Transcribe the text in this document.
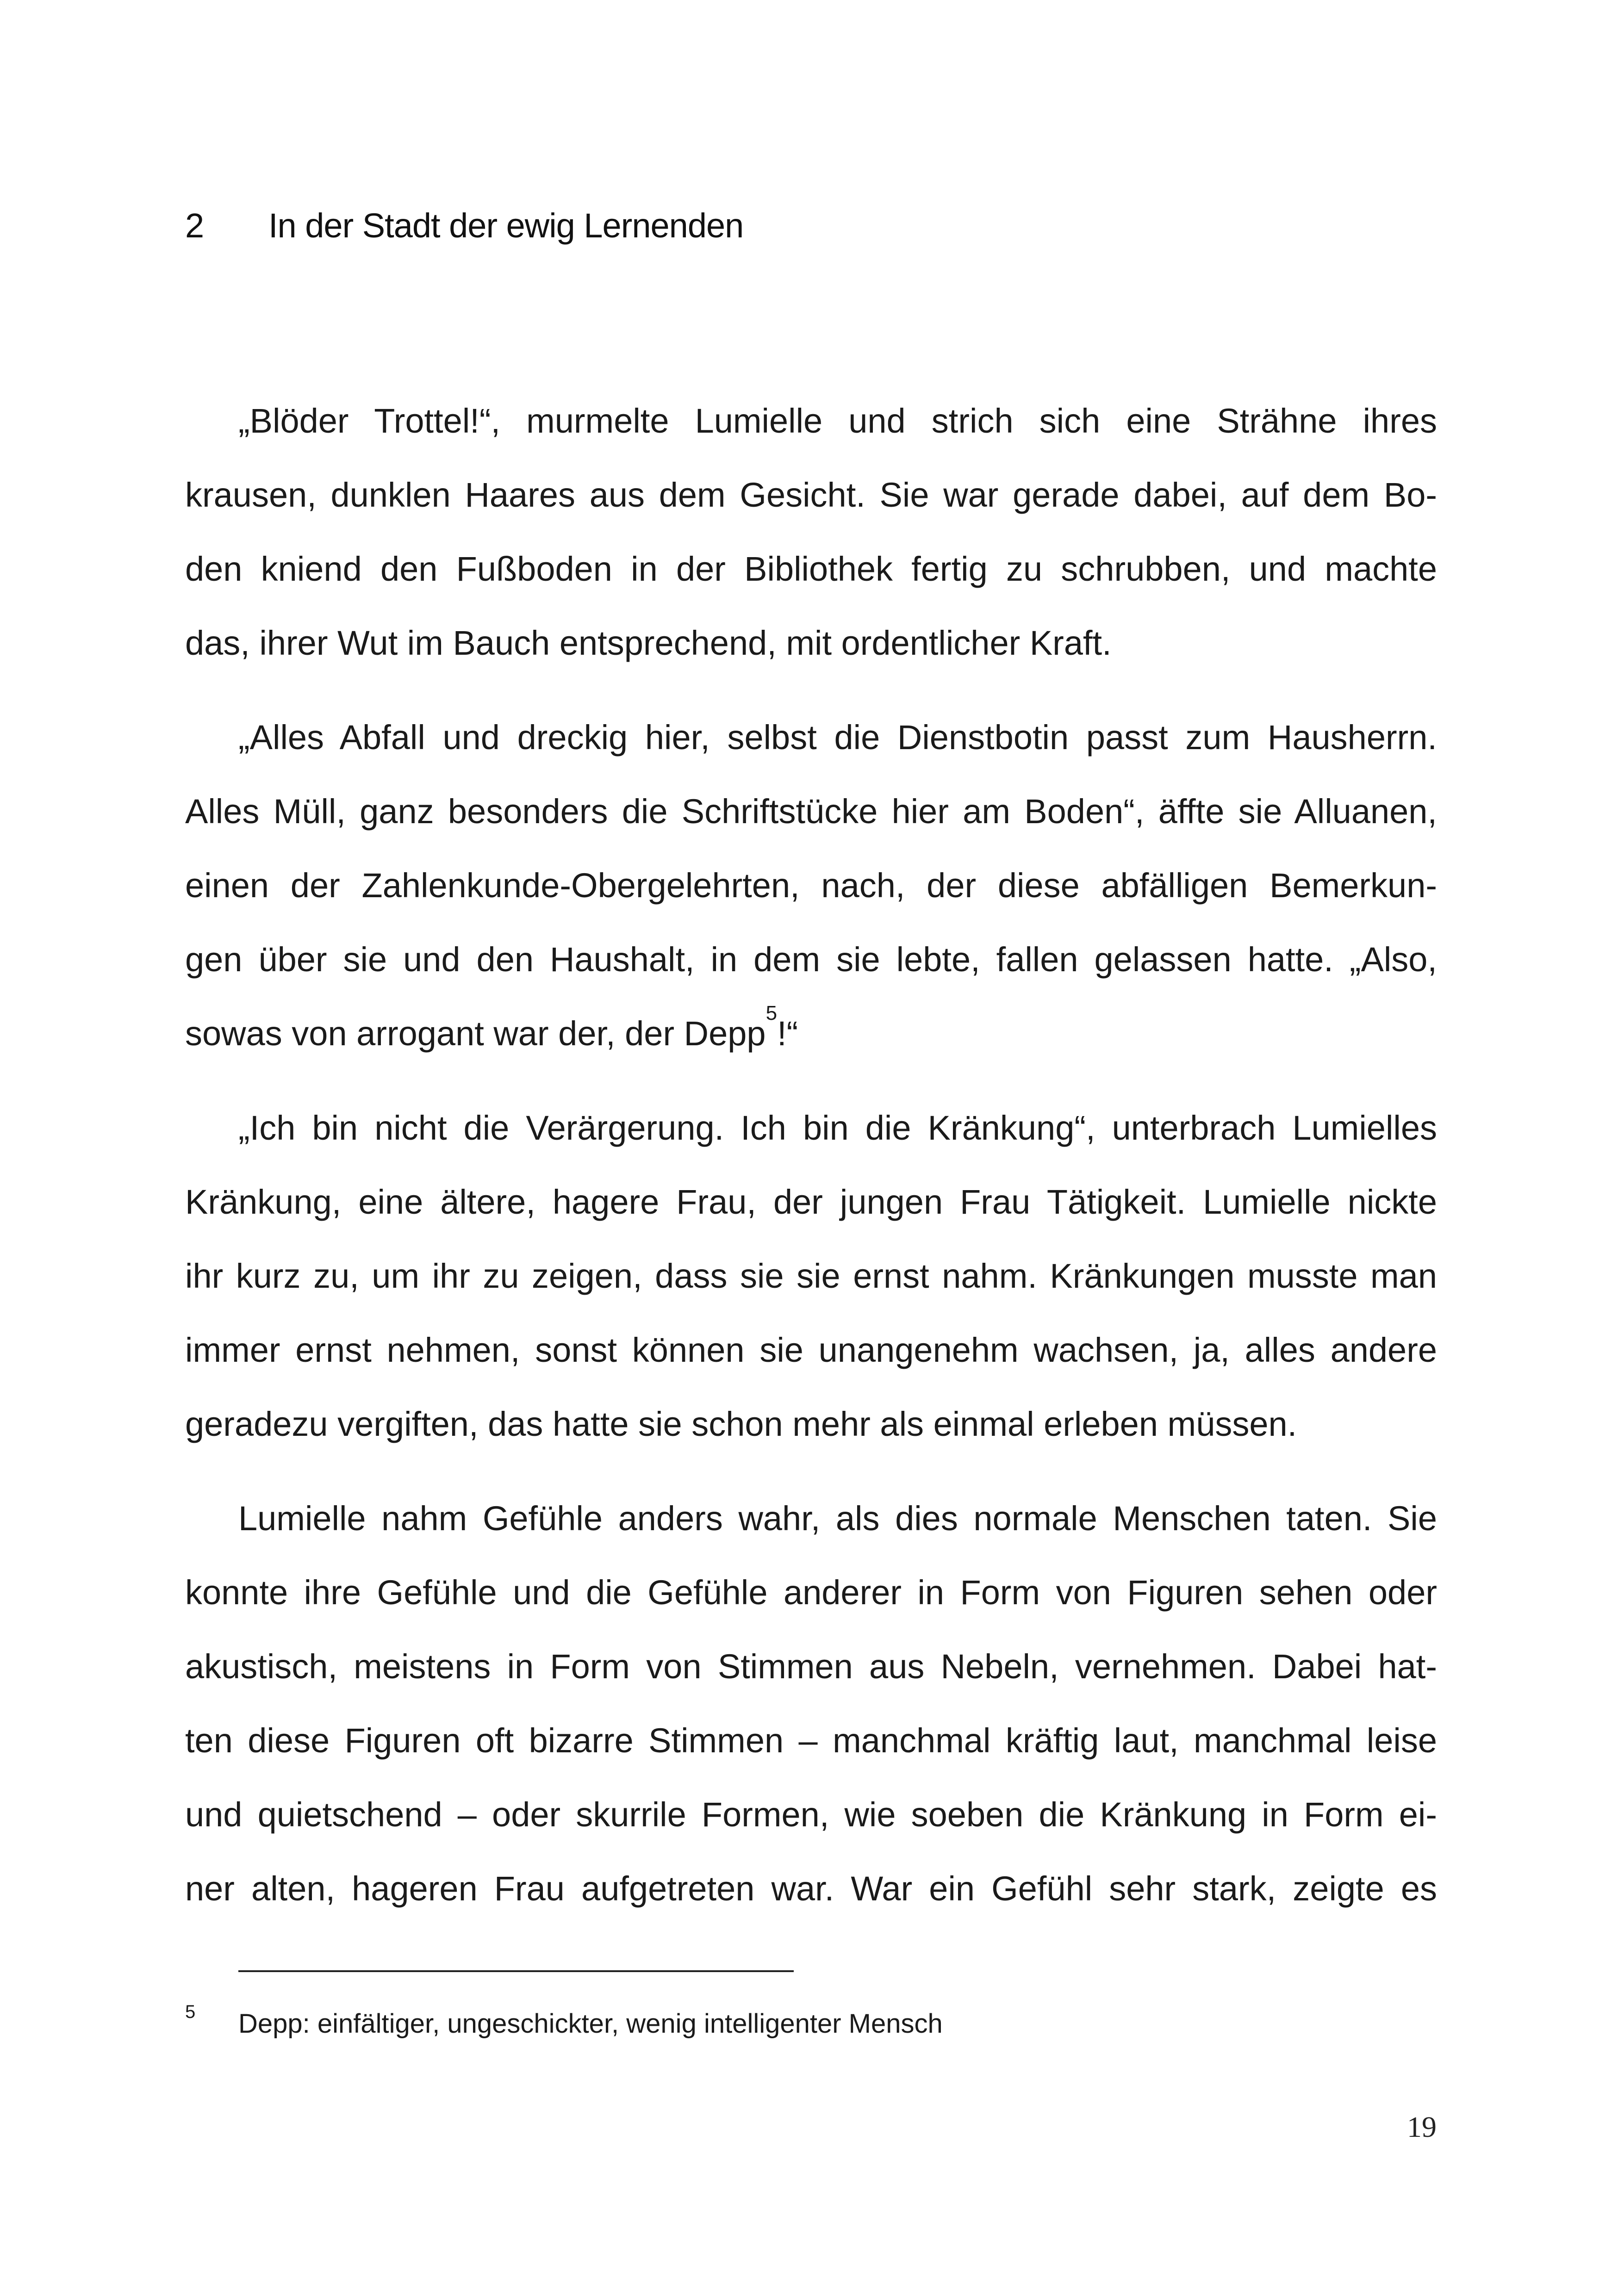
2 In der Stadt der ewig Lernenden

„Blöder Trottel!“, murmelte Lumielle und strich sich eine Strähne ihres
krausen, dunklen Haares aus dem Gesicht. Sie war gerade dabei, auf dem Bo-
den kniend den Fußboden in der Bibliothek fertig zu schrubben, und machte
das, ihrer Wut im Bauch entsprechend, mit ordentlicher Kraft.

„Alles Abfall und dreckig hier, selbst die Dienstbotin passt zum Hausherrn.
Alles Müll, ganz besonders die Schriftstücke hier am Boden“, äffte sie Alluanen,
einen der Zahlenkunde-Obergelehrten, nach, der diese abfälligen Bemerkun-
gen über sie und den Haushalt, in dem sie lebte, fallen gelassen hatte. „Also,
sowas von arrogant war der, der Depp$^5$!“

„Ich bin nicht die Verärgerung. Ich bin die Kränkung“, unterbrach Lumielles
Kränkung, eine ältere, hagere Frau, der jungen Frau Tätigkeit. Lumielle nickte
ihr kurz zu, um ihr zu zeigen, dass sie sie ernst nahm. Kränkungen musste man
immer ernst nehmen, sonst können sie unangenehm wachsen, ja, alles andere
geradezu vergiften, das hatte sie schon mehr als einmal erleben müssen.

Lumielle nahm Gefühle anders wahr, als dies normale Menschen taten. Sie
konnte ihre Gefühle und die Gefühle anderer in Form von Figuren sehen oder
akustisch, meistens in Form von Stimmen aus Nebeln, vernehmen. Dabei hat-
ten diese Figuren oft bizarre Stimmen – manchmal kräftig laut, manchmal leise
und quietschend – oder skurrile Formen, wie soeben die Kränkung in Form ei-
ner alten, hageren Frau aufgetreten war. War ein Gefühl sehr stark, zeigte es

5 Depp: einfältiger, ungeschickter, wenig intelligenter Mensch
19
